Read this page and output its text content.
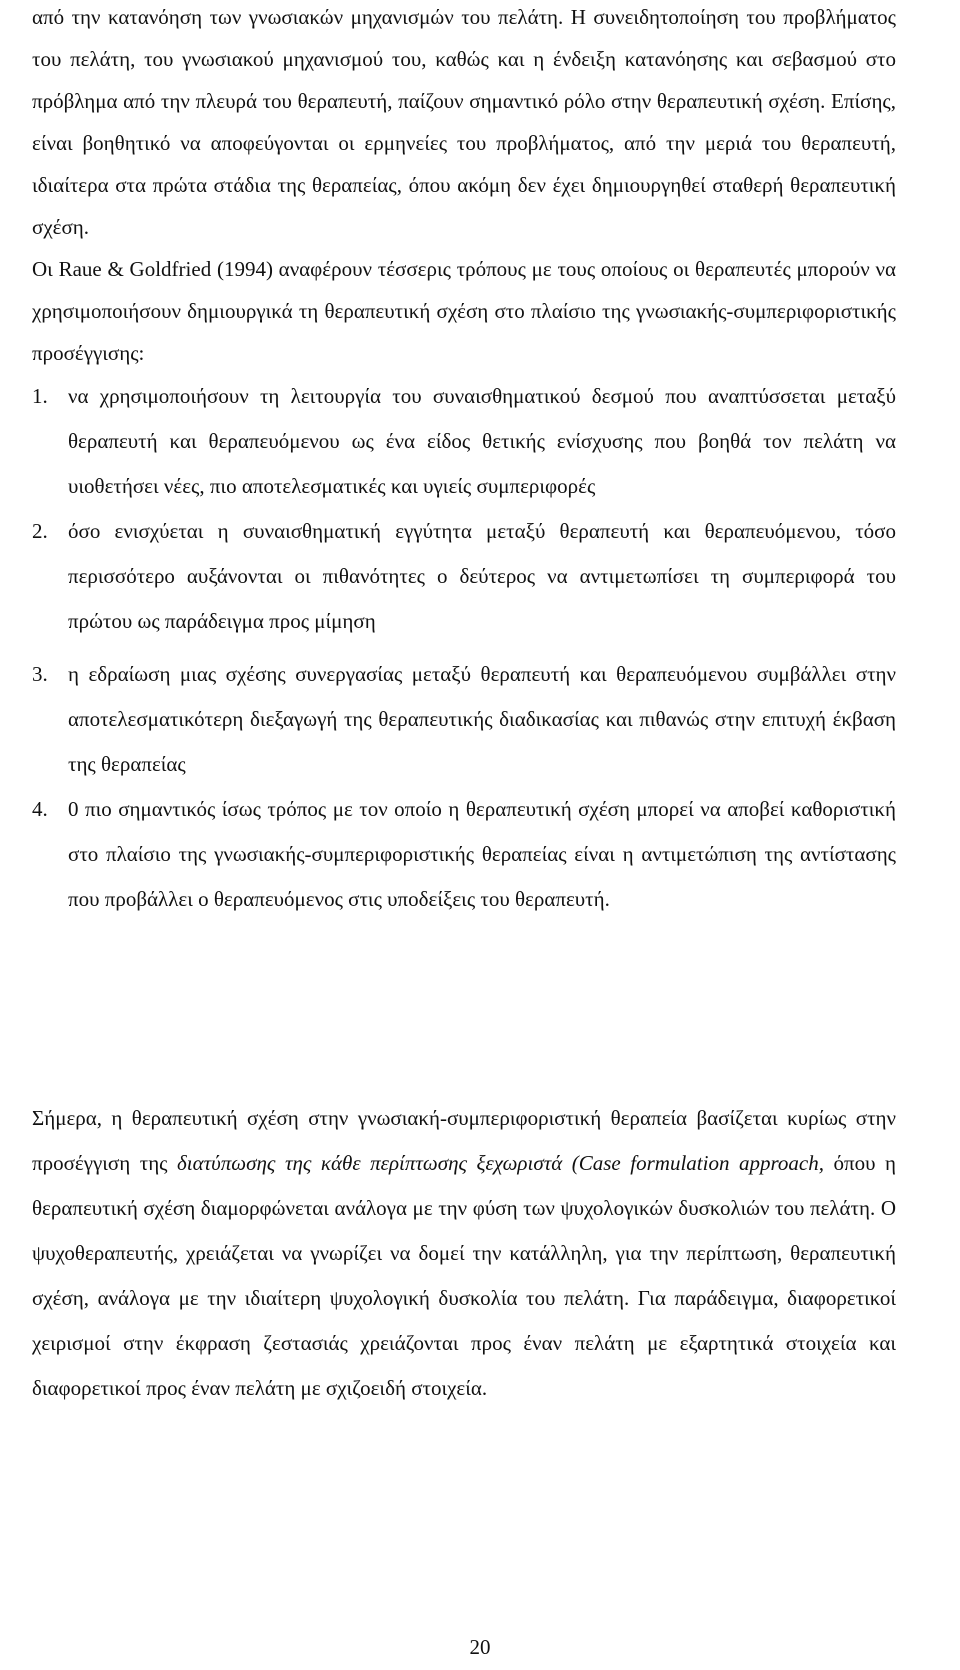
από την κατανόηση των γνωσιακών μηχανισμών του πελάτη. Η συνειδητοποίηση του προβλήματος του πελάτη, του γνωσιακού μηχανισμού του, καθώς και η ένδειξη κατανόησης και σεβασμού στο πρόβλημα από την πλευρά του θεραπευτή, παίζουν σημαντικό ρόλο στην θεραπευτική σχέση. Επίσης, είναι βοηθητικό να αποφεύγονται οι ερμηνείες του προβλήματος, από την μεριά του θεραπευτή, ιδιαίτερα στα πρώτα στάδια της θεραπείας, όπου ακόμη δεν έχει δημιουργηθεί σταθερή θεραπευτική σχέση.

Οι Raue & Goldfried (1994) αναφέρουν τέσσερις τρόπους με τους οποίους οι θεραπευτές μπορούν να χρησιμοποιήσουν δημιουργικά τη θεραπευτική σχέση στο πλαίσιο της γνωσιακής-συμπεριφοριστικής προσέγγισης:

1. να χρησιμοποιήσουν τη λειτουργία του συναισθηματικού δεσμού που αναπτύσσεται μεταξύ θεραπευτή και θεραπευόμενου ως ένα είδος θετικής ενίσχυσης που βοηθά τον πελάτη να υιοθετήσει νέες, πιο αποτελεσματικές και υγιείς συμπεριφορές
2. όσο ενισχύεται η συναισθηματική εγγύτητα μεταξύ θεραπευτή και θεραπευόμενου, τόσο περισσότερο αυξάνονται οι πιθανότητες ο δεύτερος να αντιμετωπίσει τη συμπεριφορά του πρώτου ως παράδειγμα προς μίμηση
3. η εδραίωση μιας σχέσης συνεργασίας μεταξύ θεραπευτή και θεραπευόμενου συμβάλλει στην αποτελεσματικότερη διεξαγωγή της θεραπευτικής διαδικασίας και πιθανώς στην επιτυχή έκβαση της θεραπείας
4. 0 πιο σημαντικός ίσως τρόπος με τον οποίο η θεραπευτική σχέση μπορεί να αποβεί καθοριστική στο πλαίσιο της γνωσιακής-συμπεριφοριστικής θεραπείας είναι η αντιμετώπιση της αντίστασης που προβάλλει ο θεραπευόμενος στις υποδείξεις του θεραπευτή.

Σήμερα, η θεραπευτική σχέση στην γνωσιακή-συμπεριφοριστική θεραπεία βασίζεται κυρίως στην προσέγγιση της διατύπωσης της κάθε περίπτωσης ξεχωριστά (Case formulation approach, όπου η θεραπευτική σχέση διαμορφώνεται ανάλογα με την φύση των ψυχολογικών δυσκολιών του πελάτη. Ο ψυχοθεραπευτής, χρειάζεται να γνωρίζει να δομεί την κατάλληλη, για την περίπτωση, θεραπευτική σχέση, ανάλογα με την ιδιαίτερη ψυχολογική δυσκολία του πελάτη. Για παράδειγμα, διαφορετικοί χειρισμοί στην έκφραση ζεστασιάς χρειάζονται προς έναν πελάτη με εξαρτητικά στοιχεία και διαφορετικοί προς έναν πελάτη με σχιζοειδή στοιχεία.

20
